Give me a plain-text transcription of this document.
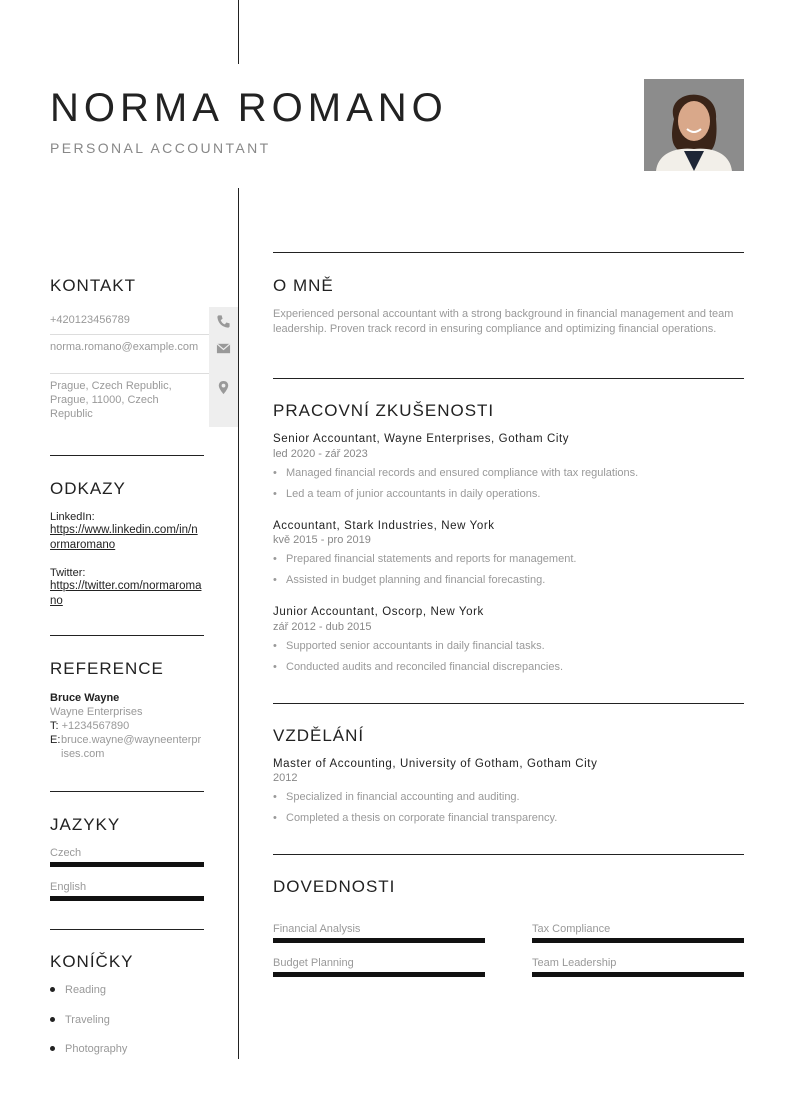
NORMA ROMANO
PERSONAL ACCOUNTANT
KONTAKT
+420123456789
norma.romano@example.com
Prague, Czech Republic, Prague, 11000, Czech Republic
ODKAZY
LinkedIn:
https://www.linkedin.com/in/normaromano
Twitter:
https://twitter.com/normaromano
REFERENCE
Bruce Wayne
Wayne Enterprises
T: +1234567890
E: bruce.wayne@wayneenterprises.com
JAZYKY
Czech
English
KONÍČKY
Reading
Traveling
Photography
O MNĚ
Experienced personal accountant with a strong background in financial management and team leadership. Proven track record in ensuring compliance and optimizing financial operations.
PRACOVNÍ ZKUŠENOSTI
Senior Accountant, Wayne Enterprises, Gotham City
led 2020 - zář 2023
• Managed financial records and ensured compliance with tax regulations.
• Led a team of junior accountants in daily operations.
Accountant, Stark Industries, New York
kvě 2015 - pro 2019
• Prepared financial statements and reports for management.
• Assisted in budget planning and financial forecasting.
Junior Accountant, Oscorp, New York
zář 2012 - dub 2015
• Supported senior accountants in daily financial tasks.
• Conducted audits and reconciled financial discrepancies.
VZDĚLÁNÍ
Master of Accounting, University of Gotham, Gotham City
2012
• Specialized in financial accounting and auditing.
• Completed a thesis on corporate financial transparency.
DOVEDNOSTI
Financial Analysis	Tax Compliance
Budget Planning	Team Leadership
